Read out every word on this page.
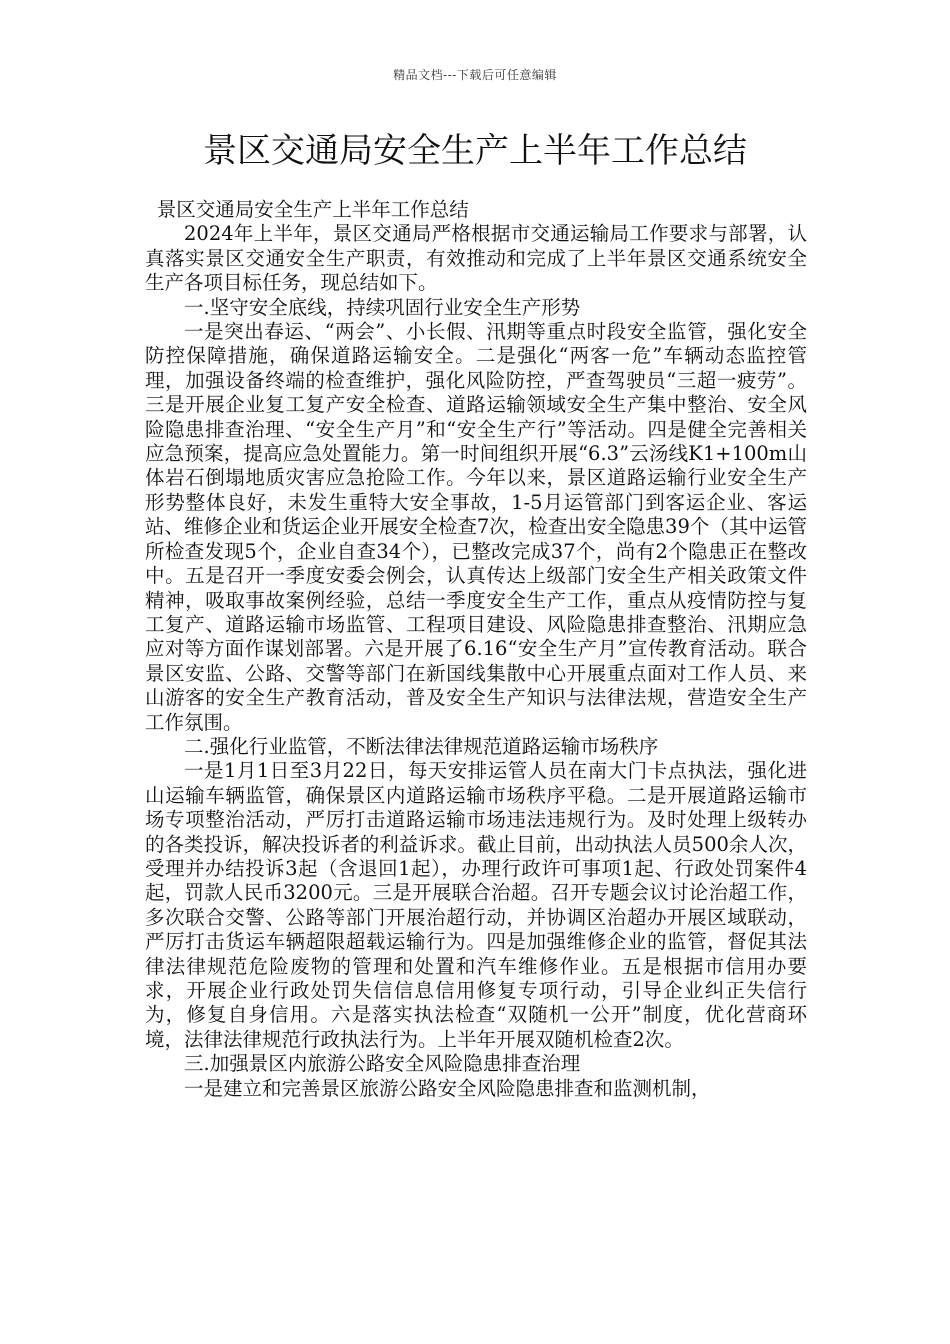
精品文档---下载后可任意编辑
景区交通局安全生产上半年工作总结

景区交通局安全生产上半年工作总结

2024年上半年，景区交通局严格根据市交通运输局工作要求与部署，认真落实景区交通安全生产职责，有效推动和完成了上半年景区交通系统安全生产各项目标任务，现总结如下。

一.坚守安全底线，持续巩固行业安全生产形势

一是突出春运、“两会”、小长假、汛期等重点时段安全监管，强化安全防控保障措施，确保道路运输安全。二是强化“两客一危”车辆动态监控管理，加强设备终端的检查维护，强化风险防控，严查驾驶员“三超一疲劳”。三是开展企业复工复产安全检查、道路运输领域安全生产集中整治、安全风险隐患排查治理、“安全生产月”和“安全生产行”等活动。四是健全完善相关应急预案，提高应急处置能力。第一时间组织开展“6.3”云汤线K1+100m山体岩石倒塌地质灾害应急抢险工作。今年以来，景区道路运输行业安全生产形势整体良好，未发生重特大安全事故，1-5月运管部门到客运企业、客运站、维修企业和货运企业开展安全检查7次，检查出安全隐患39个（其中运管所检查发现5个，企业自查34个），已整改完成37个，尚有2个隐患正在整改中。五是召开一季度安委会例会，认真传达上级部门安全生产相关政策文件精神，吸取事故案例经验，总结一季度安全生产工作，重点从疫情防控与复工复产、道路运输市场监管、工程项目建设、风险隐患排查整治、汛期应急应对等方面作谋划部署。六是开展了6.16“安全生产月”宣传教育活动。联合景区安监、公路、交警等部门在新国线集散中心开展重点面对工作人员、来山游客的安全生产教育活动，普及安全生产知识与法律法规，营造安全生产工作氛围。

二.强化行业监管，不断法律法律规范道路运输市场秩序

一是1月1日至3月22日，每天安排运管人员在南大门卡点执法，强化进山运输车辆监管，确保景区内道路运输市场秩序平稳。二是开展道路运输市场专项整治活动，严厉打击道路运输市场违法违规行为。及时处理上级转办的各类投诉，解决投诉者的利益诉求。截止目前，出动执法人员500余人次，受理并办结投诉3起（含退回1起），办理行政许可事项1起、行政处罚案件4起，罚款人民币3200元。三是开展联合治超。召开专题会议讨论治超工作，多次联合交警、公路等部门开展治超行动，并协调区治超办开展区域联动，严厉打击货运车辆超限超载运输行为。四是加强维修企业的监管，督促其法律法律规范危险废物的管理和处置和汽车维修作业。五是根据市信用办要求，开展企业行政处罚失信信息信用修复专项行动，引导企业纠正失信行为，修复自身信用。六是落实执法检查“双随机一公开”制度，优化营商环境，法律法律规范行政执法行为。上半年开展双随机检查2次。

三.加强景区内旅游公路安全风险隐患排查治理

一是建立和完善景区旅游公路安全风险隐患排查和监测机制，
